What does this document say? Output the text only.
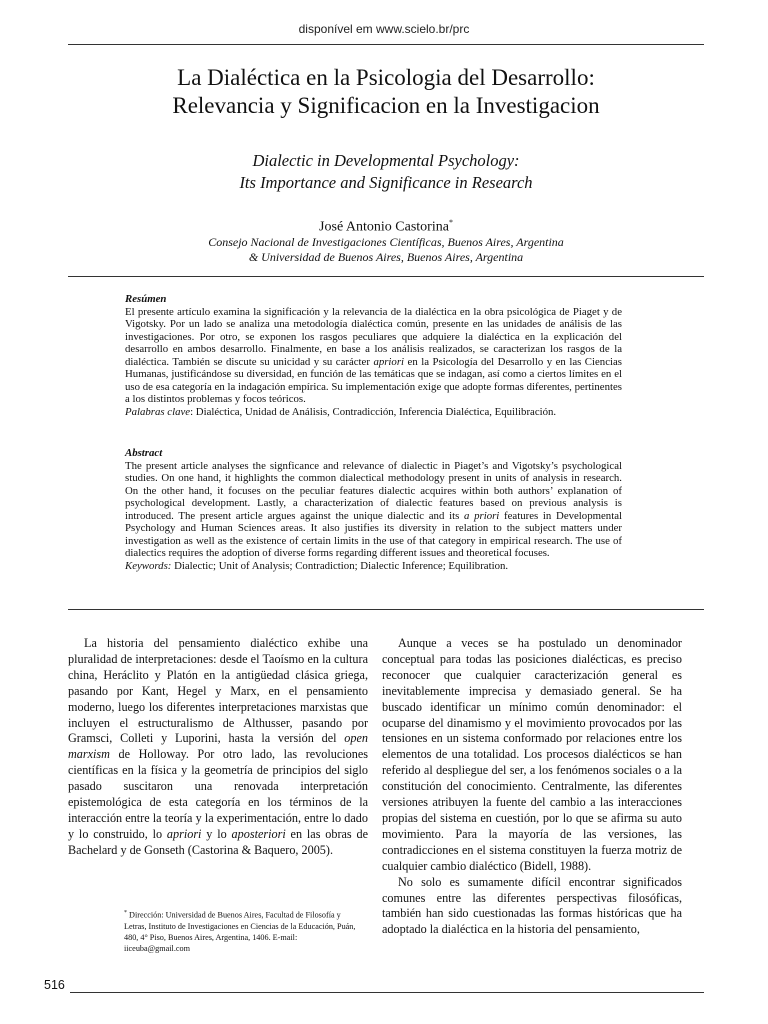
disponível em www.scielo.br/prc
La Dialéctica en la Psicologia del Desarrollo:
Relevancia y Significacion en la Investigacion
Dialectic in Developmental Psychology:
Its Importance and Significance in Research
José Antonio Castorina*
Consejo Nacional de Investigaciones Científicas, Buenos Aires, Argentina
& Universidad de Buenos Aires, Buenos Aires, Argentina
Resúmen
El presente artículo examina la significación y la relevancia de la dialéctica en la obra psicológica de Piaget y de Vigotsky. Por un lado se analiza una metodología dialéctica común, presente en las unidades de análisis de las investigaciones. Por otro, se exponen los rasgos peculiares que adquiere la dialéctica en la explicación del desarrollo en ambos desarrollo. Finalmente, en base a los análisis realizados, se caracterizan los rasgos de la dialéctica. También se discute su unicidad y su carácter apriori en la Psicología del Desarrollo y en las Ciencias Humanas, justificándose su diversidad, en función de las temáticas que se indagan, así como a ciertos límites en el uso de esa categoría en la indagación empírica. Su implementación exige que adopte formas diferentes, pertinentes a los distintos problemas y focos teóricos.
Palabras clave: Dialéctica, Unidad de Análisis, Contradicción, Inferencia Dialéctica, Equilibración.
Abstract
The present article analyses the signficance and relevance of dialectic in Piaget’s and Vigotsky’s psychological studies. On one hand, it highlights the common dialectical methodology present in units of analysis in research. On the other hand, it focuses on the peculiar features dialectic acquires within both authors’ explanation of psychological development. Lastly, a characterization of dialectic features based on previous analysis is introduced. The present article argues against the unique dialectic and its a priori features in Developmental Psychology and Human Sciences areas. It also justifies its diversity in relation to the subject matters under investigation as well as the existence of certain limits in the use of that category in empirical research. The use of dialectics requires the adoption of diverse forms regarding different issues and theoretical focuses.
Keywords: Dialectic; Unit of Analysis; Contradiction; Dialectic Inference; Equilibration.

La historia del pensamiento dialéctico exhibe una pluralidad de interpretaciones: desde el Taoísmo en la cultura china, Heráclito y Platón en la antigüedad clásica griega, pasando por Kant, Hegel y Marx, en el pensamiento moderno, luego los diferentes interpretaciones marxistas que incluyen el estructuralismo de Althusser, pasando por Gramsci, Colleti y Luporini, hasta la versión del open marxism de Holloway. Por otro lado, las revoluciones científicas en la física y la geometría de principios del siglo pasado suscitaron una renovada interpretación epistemológica de esta categoría en los términos de la interacción entre la teoría y la experimentación, entre lo dado y lo construido, lo apriori y lo aposteriori en las obras de Bachelard y de Gonseth (Castorina & Baquero, 2005).

Aunque a veces se ha postulado un denominador conceptual para todas las posiciones dialécticas, es preciso reconocer que cualquier caracterización general es inevitablemente imprecisa y demasiado general. Se ha buscado identificar un mínimo común denominador: el ocuparse del dinamismo y el movimiento provocados por las tensiones en un sistema conformado por relaciones entre los elementos de una totalidad. Los procesos dialécticos se han referido al despliegue del ser, a los fenómenos sociales o a la constitución del conocimiento. Centralmente, las diferentes versiones atribuyen la fuente del cambio a las interacciones propias del sistema en cuestión, por lo que se afirma su auto movimiento. Para la mayoría de las versiones, las contradicciones en el sistema constituyen la fuerza motriz de cualquier cambio dialéctico (Bidell, 1988).

No solo es sumamente difícil encontrar significados comunes entre las diferentes perspectivas filosóficas, también han sido cuestionadas las formas históricas que ha adoptado la dialéctica en la historia del pensamiento,

* Dirección: Universidad de Buenos Aires, Facultad de Filosofía y Letras, Instituto de Investigaciones en Ciencias de la Educación, Puán, 480, 4° Piso, Buenos Aires, Argentina, 1406. E-mail: iiceuba@gmail.com
516
